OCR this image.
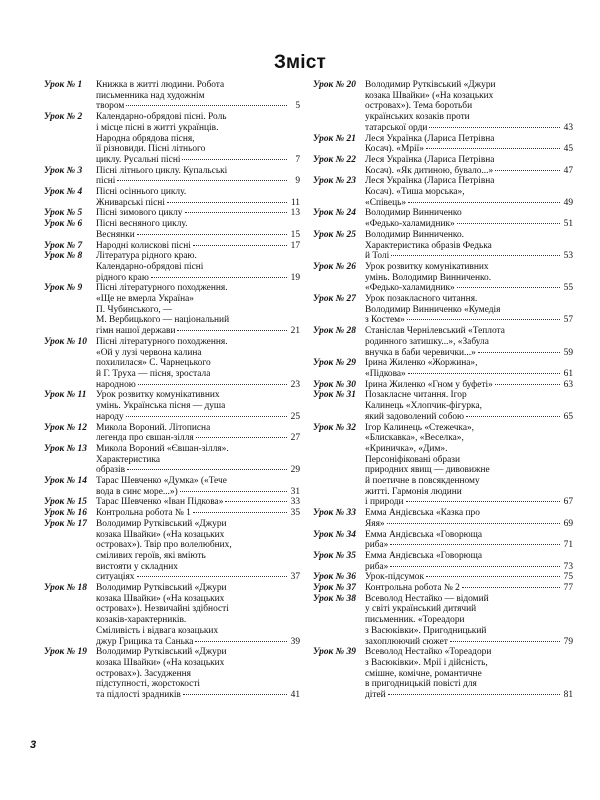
Зміст
Урок № 1	Книжка в житті людини. Робота
письменника над художнім
твором	5
Урок № 2	Календарно-обрядові пісні. Роль
і місце пісні в житті українців.
Народна обрядова пісня,
її різновиди. Пісні літнього
циклу. Русальні пісні	7
Урок № 3	Пісні літнього циклу. Купальські
пісні	9
Урок № 4	Пісні осіннього циклу.
Жниварські пісні	11
Урок № 5	Пісні зимового циклу	13
Урок № 6	Пісні весняного циклу.
Веснянки	15
Урок № 7	Народні колискові пісні	17
Урок № 8	Література рідного краю.
Календарно-обрядові пісні
рідного краю	19
Урок № 9	Пісні літературного походження.
«Ще не вмерла Україна»
П. Чубинського, —
М. Вербицького — національний
гімн нашої держави	21
Урок № 10 Пісні літературного походження.
«Ой у лузі червона калина
похилилася» С. Чарнецького
й Г. Труха — пісня, зростала
народною	23
Урок № 11	Урок розвитку комунікативних
умінь. Українська пісня — душа
народу	25
Урок № 12 Микола Вороний. Літописна
легенда про євшан-зілля	27
Урок № 13 Микола Вороний «Євшан-зілля».
Характеристика
образів	29
Урок № 14 Тарас Шевченко «Думка» («Тече
вода в синє море...»)	31
Урок № 15 Тарас Шевченко «Іван Підкова»	33
Урок № 16 Контрольна робота № 1	35
Урок № 17 Володимир Рутківський «Джури
козака Швайки» («На козацьких
островах»). Твір про волелюбних,
сміливих героїв, які вміють
вистояти у складних
ситуаціях	37
Урок № 18 Володимир Рутківський «Джури
козака Швайки» («На козацьких
островах»). Незвичайні здібності
козаків-характерників.
Сміливість і відвага козацьких
джур Грицика та Санька	39
Урок № 19 Володимир Рутківський «Джури
козака Швайки» («На козацьких
островах»). Засудження
підступності, жорстокості
та підлості зрадників	41
Урок № 20 Володимир Рутківський «Джури
козака Швайки» («На козацьких
островах»). Тема боротьби
українських козаків проти
татарської орди	43
Урок № 21 Леся Українка (Лариса Петрівна
Косач). «Мрії»	45
Урок № 22 Леся Українка (Лариса Петрівна
Косач). «Як дитиною, бувало...»	47
Урок № 23 Леся Українка (Лариса Петрівна
Косач). «Тиша морська»,
«Співець»	49
Урок № 24 Володимир Винниченко
«Федько-халамидник»	51
Урок № 25 Володимир Винниченко.
Характеристика образів Федька
й Толі	53
Урок № 26 Урок розвитку комунікативних
умінь. Володимир Винниченко.
«Федько-халамидник»	55
Урок № 27 Урок позакласного читання.
Володимир Винниченко «Кумедія
з Костем»	57
Урок № 28 Станіслав Чернілевський «Теплота
родинного затишку...», «Забула
внучка в баби черевички...»	59
Урок № 29 Ірина Жиленко «Жоржина»,
«Підкова»	61
Урок № 30 Ірина Жиленко «Гном у буфеті»	63
Урок № 31 Позакласне читання. Ігор
Калинець «Хлопчик-фігурка,
який задоволений собою	65
Урок № 32 Ігор Калинець «Стежечка»,
«Блискавка», «Веселка»,
«Криничка», «Дим».
Персоніфіковані образи
природних явищ — дивовижне
й поетичне в повсякденному
житті. Гармонія людини
і природи	67
Урок № 33 Емма Андієвська «Казка про
Яяя»	69
Урок № 34 Емма Андієвська «Говорюща
риба»	71
Урок № 35 Емма Андієвська «Говорюща
риба»	73
Урок № 36 Урок-підсумок	75
Урок № 37 Контрольна робота № 2	77
Урок № 38 Всеволод Нестайко — відомий
у світі український дитячий
письменник. «Тореадори
з Васюківки». Пригодницький
захоплюючий сюжет	79
Урок № 39 Всеволод Нестайко «Тореадори
з Васюківки». Мрії і дійсність,
смішне, комічне, романтичне
в пригодницькій повісті для
дітей	81
3
